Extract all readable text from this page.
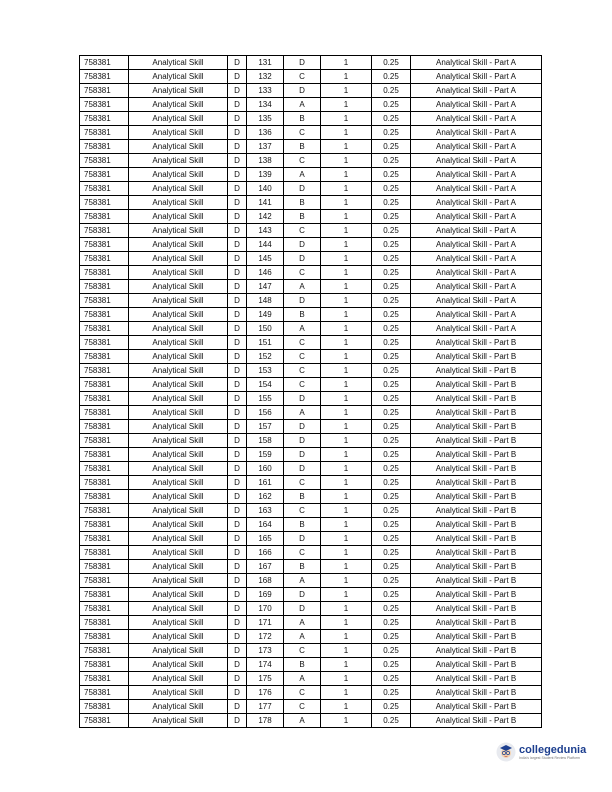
758381	Analytical Skill	D	131	D	1	0.25	Analytical Skill - Part A
758381	Analytical Skill	D	132	C	1	0.25	Analytical Skill - Part A
758381	Analytical Skill	D	133	D	1	0.25	Analytical Skill - Part A
758381	Analytical Skill	D	134	A	1	0.25	Analytical Skill - Part A
758381	Analytical Skill	D	135	B	1	0.25	Analytical Skill - Part A
758381	Analytical Skill	D	136	C	1	0.25	Analytical Skill - Part A
758381	Analytical Skill	D	137	B	1	0.25	Analytical Skill - Part A
758381	Analytical Skill	D	138	C	1	0.25	Analytical Skill - Part A
758381	Analytical Skill	D	139	A	1	0.25	Analytical Skill - Part A
758381	Analytical Skill	D	140	D	1	0.25	Analytical Skill - Part A
758381	Analytical Skill	D	141	B	1	0.25	Analytical Skill - Part A
758381	Analytical Skill	D	142	B	1	0.25	Analytical Skill - Part A
758381	Analytical Skill	D	143	C	1	0.25	Analytical Skill - Part A
758381	Analytical Skill	D	144	D	1	0.25	Analytical Skill - Part A
758381	Analytical Skill	D	145	D	1	0.25	Analytical Skill - Part A
758381	Analytical Skill	D	146	C	1	0.25	Analytical Skill - Part A
758381	Analytical Skill	D	147	A	1	0.25	Analytical Skill - Part A
758381	Analytical Skill	D	148	D	1	0.25	Analytical Skill - Part A
758381	Analytical Skill	D	149	B	1	0.25	Analytical Skill - Part A
758381	Analytical Skill	D	150	A	1	0.25	Analytical Skill - Part A
758381	Analytical Skill	D	151	C	1	0.25	Analytical Skill - Part B
758381	Analytical Skill	D	152	C	1	0.25	Analytical Skill - Part B
758381	Analytical Skill	D	153	C	1	0.25	Analytical Skill - Part B
758381	Analytical Skill	D	154	C	1	0.25	Analytical Skill - Part B
758381	Analytical Skill	D	155	D	1	0.25	Analytical Skill - Part B
758381	Analytical Skill	D	156	A	1	0.25	Analytical Skill - Part B
758381	Analytical Skill	D	157	D	1	0.25	Analytical Skill - Part B
758381	Analytical Skill	D	158	D	1	0.25	Analytical Skill - Part B
758381	Analytical Skill	D	159	D	1	0.25	Analytical Skill - Part B
758381	Analytical Skill	D	160	D	1	0.25	Analytical Skill - Part B
758381	Analytical Skill	D	161	C	1	0.25	Analytical Skill - Part B
758381	Analytical Skill	D	162	B	1	0.25	Analytical Skill - Part B
758381	Analytical Skill	D	163	C	1	0.25	Analytical Skill - Part B
758381	Analytical Skill	D	164	B	1	0.25	Analytical Skill - Part B
758381	Analytical Skill	D	165	D	1	0.25	Analytical Skill - Part B
758381	Analytical Skill	D	166	C	1	0.25	Analytical Skill - Part B
758381	Analytical Skill	D	167	B	1	0.25	Analytical Skill - Part B
758381	Analytical Skill	D	168	A	1	0.25	Analytical Skill - Part B
758381	Analytical Skill	D	169	D	1	0.25	Analytical Skill - Part B
758381	Analytical Skill	D	170	D	1	0.25	Analytical Skill - Part B
758381	Analytical Skill	D	171	A	1	0.25	Analytical Skill - Part B
758381	Analytical Skill	D	172	A	1	0.25	Analytical Skill - Part B
758381	Analytical Skill	D	173	C	1	0.25	Analytical Skill - Part B
758381	Analytical Skill	D	174	B	1	0.25	Analytical Skill - Part B
758381	Analytical Skill	D	175	A	1	0.25	Analytical Skill - Part B
758381	Analytical Skill	D	176	C	1	0.25	Analytical Skill - Part B
758381	Analytical Skill	D	177	C	1	0.25	Analytical Skill - Part B
758381	Analytical Skill	D	178	A	1	0.25	Analytical Skill - Part B
collegedunia
India's largest Student Review Platform
